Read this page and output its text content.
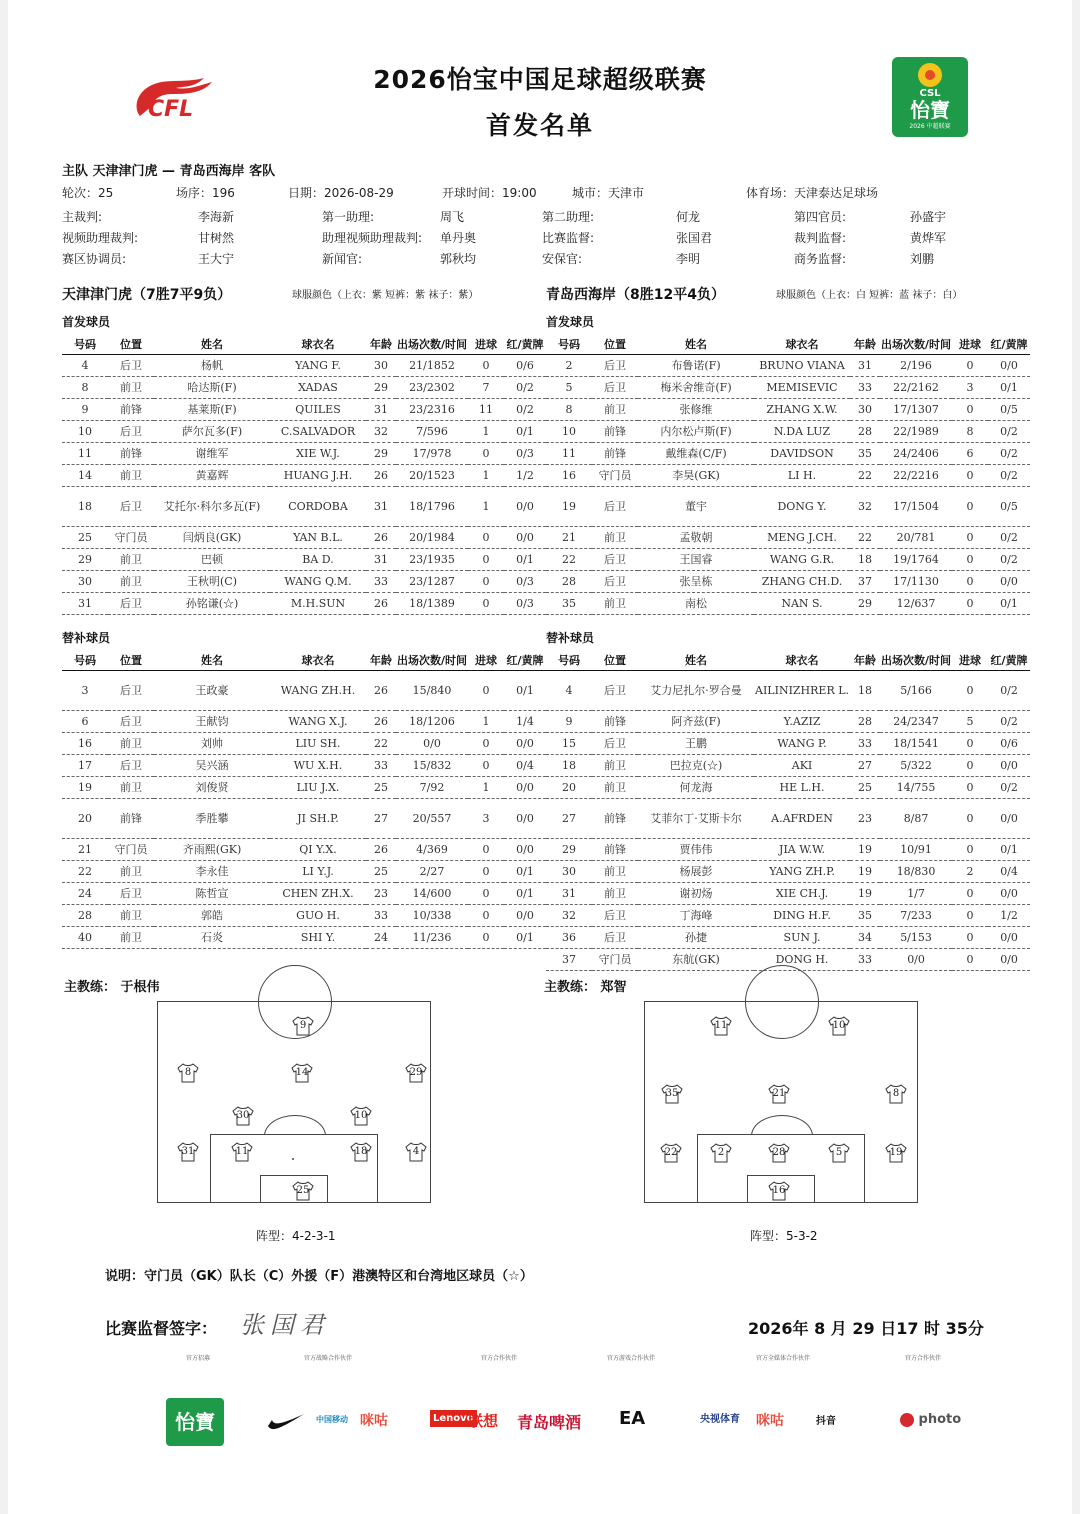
CFL
2026怡宝中国足球超级联赛
首发名单
CSL
怡寶
2026 中超联赛
主队 天津津门虎 — 青岛西海岸 客队
轮次：25	场序：196	日期：2026-08-29	开球时间：19:00	城市：天津市	体育场：天津泰达足球场
主裁判:	李海新	第一助理:	周飞	第二助理:	何龙	第四官员:	孙盛宇
视频助理裁判:	甘树然	助理视频助理裁判: 单丹奥	比赛监督:	张国君	裁判监督:	黄烨军
赛区协调员:	王大宁	新闻官:	郭秋均	安保官:	李明	商务监督:	刘鹏
天津津门虎（7胜7平9负）	球服颜色（上衣：紫 短裤：紫 袜子：紫）	青岛西海岸（8胜12平4负）	球服颜色（上衣：白 短裤：蓝 袜子：白）
首发球员	首发球员
替补球员	替补球员
号码	位置	姓名	球衣名	年龄	出场次数/时间	进球	红/黄牌
4	后卫	杨帆	YANG F.	30	21/1852	0	0/6
8	前卫	哈达斯(F)	XADAS	29	23/2302	7	0/2
9	前锋	基莱斯(F)	QUILES	31	23/2316	11	0/2
10	后卫	萨尔瓦多(F)	C.SALVADOR	32	7/596	1	0/1
11	前锋	谢维军	XIE W.J.	29	17/978	0	0/3
14	前卫	黄嘉辉	HUANG J.H.	26	20/1523	1	1/2
18	后卫	艾托尔·科尔多瓦(F)	CORDOBA	31	18/1796	1	0/0
25	守门员	闫炳良(GK)	YAN B.L.	26	20/1984	0	0/0
29	前卫	巴顿	BA D.	31	23/1935	0	0/1
30	前卫	王秋明(C)	WANG Q.M.	33	23/1287	0	0/3
31	后卫	孙铭谦(☆)	M.H.SUN	26	18/1389	0	0/3
号码	位置	姓名	球衣名	年龄	出场次数/时间	进球	红/黄牌
2	后卫	布鲁诺(F)	BRUNO VIANA	31	2/196	0	0/0
5	后卫	梅米舍维奇(F)	MEMISEVIC	33	22/2162	3	0/1
8	前卫	张修维	ZHANG X.W.	30	17/1307	0	0/5
10	前锋	内尔松卢斯(F)	N.DA LUZ	28	22/1989	8	0/2
11	前锋	戴维森(C/F)	DAVIDSON	35	24/2406	6	0/2
16	守门员	李昊(GK)	LI H.	22	22/2216	0	0/2
19	后卫	董宇	DONG Y.	32	17/1504	0	0/5
21	前卫	孟敬朝	MENG J.CH.	22	20/781	0	0/2
22	后卫	王国睿	WANG G.R.	18	19/1764	0	0/2
28	后卫	张呈栋	ZHANG CH.D.	37	17/1130	0	0/0
35	前卫	南松	NAN S.	29	12/637	0	0/1
号码	位置	姓名	球衣名	年龄	出场次数/时间	进球	红/黄牌
3	后卫	王政豪	WANG ZH.H.	26	15/840	0	0/1
6	后卫	王献钧	WANG X.J.	26	18/1206	1	1/4
16	前卫	刘帅	LIU SH.	22	0/0	0	0/0
17	后卫	吴兴涵	WU X.H.	33	15/832	0	0/4
19	前卫	刘俊贤	LIU J.X.	25	7/92	1	0/0
20	前锋	季胜攀	JI SH.P.	27	20/557	3	0/0
21	守门员	齐雨熙(GK)	QI Y.X.	26	4/369	0	0/0
22	前卫	李永佳	LI Y.J.	25	2/27	0	0/1
24	后卫	陈哲宣	CHEN ZH.X.	23	14/600	0	0/1
28	前卫	郭皓	GUO H.	33	10/338	0	0/0
40	前卫	石炎	SHI Y.	24	11/236	0	0/1
号码	位置	姓名	球衣名	年龄	出场次数/时间	进球	红/黄牌
4	后卫	艾力尼扎尔·罗合曼	AILINIZHRER L.	18	5/166	0	0/2
9	前锋	阿齐兹(F)	Y.AZIZ	28	24/2347	5	0/2
15	后卫	王鹏	WANG P.	33	18/1541	0	0/6
18	前卫	巴拉克(☆)	AKI	27	5/322	0	0/0
20	前卫	何龙海	HE L.H.	25	14/755	0	0/2
27	前锋	艾菲尔丁·艾斯卡尔	A.AFRDEN	23	8/87	0	0/0
29	前锋	贾伟伟	JIA W.W.	19	10/91	0	0/1
30	前卫	杨展彭	YANG ZH.P.	19	18/830	2	0/4
31	前卫	谢初炀	XIE CH.J.	19	1/7	0	0/0
32	后卫	丁海峰	DING H.F.	35	7/233	0	1/2
36	后卫	孙捷	SUN J.	34	5/153	0	0/0
37	守门员	东航(GK)	DONG H.	33	0/0	0	0/0
主教练： 于根伟	主教练： 郑智
9
8	14	29
30	10
31	11	18	4
25
11	10
35	21	8
22	2	28	5	19
16
阵型：4-2-3-1	阵型：5-3-2
说明：守门员（GK）队长（C）外援（F）港澳特区和台湾地区球员（☆）
比赛监督签字： 张国君	2026年 8 月 29 日17 时 35分
官方招募	官方战略合作伙伴	官方合作伙伴	官方游戏合作伙伴	官方全媒体合作伙伴	官方合作伙伴
怡寶	中国移动 咪咕	Lenovo
联想 青岛啤酒 EA	央视体育 咪咕	抖音	photo
